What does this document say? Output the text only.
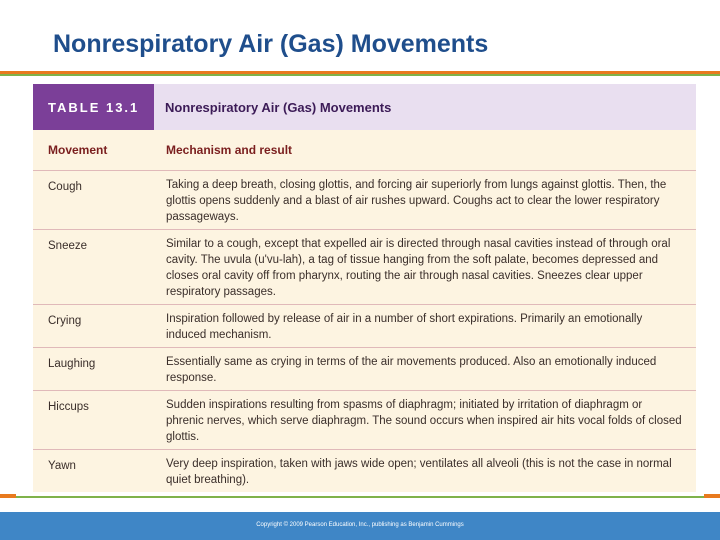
Nonrespiratory Air (Gas) Movements
TABLE 13.1	Nonrespiratory Air (Gas) Movements
Movement	Mechanism and result
Cough	Taking a deep breath, closing glottis, and forcing air superiorly from lungs against glottis. Then, the glottis opens suddenly and a blast of air rushes upward. Coughs act to clear the lower respiratory passageways.
Sneeze	Similar to a cough, except that expelled air is directed through nasal cavities instead of through oral cavity. The uvula (u'vu-lah), a tag of tissue hanging from the soft palate, becomes depressed and closes oral cavity off from pharynx, routing the air through nasal cavities. Sneezes clear upper respiratory passages.
Crying	Inspiration followed by release of air in a number of short expirations. Primarily an emotionally induced mechanism.
Laughing	Essentially same as crying in terms of the air movements produced. Also an emotionally induced response.
Hiccups	Sudden inspirations resulting from spasms of diaphragm; initiated by irritation of diaphragm or phrenic nerves, which serve diaphragm. The sound occurs when inspired air hits vocal folds of closed glottis.
Yawn	Very deep inspiration, taken with jaws wide open; ventilates all alveoli (this is not the case in normal quiet breathing).
Copyright © 2009 Pearson Education, Inc., publishing as Benjamin Cummings
